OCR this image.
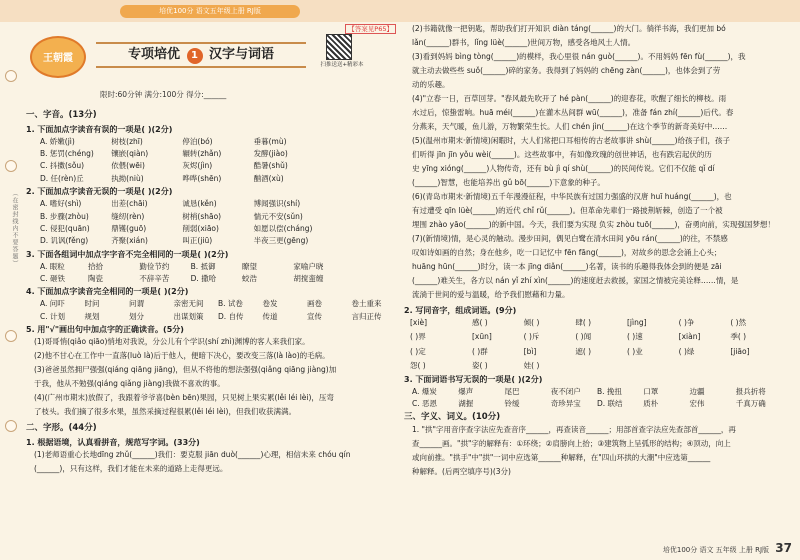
培优100分 语文五年级上册 RJ版
（在密封线内不要答题）
【答案见P65】
王朝霞	专项培优 1 汉字与词语
扫推送送+精彩本
限时:60分钟 满分:100分 得分:______
一、字音。(13分)
1. 下面加点字读音有误的一项是( )(2分)
A. 娇嫩(jì)	树枝(zhī)	停泊(bó)	垂暮(mù)
B. 惩罚(chéng)	镶嵌(qiàn)	辗转(zhǎn)	发酵(jiào)
C. 抖擞(sǒu)	依偎(wēi)	灰烬(jìn)	酷暑(shǔ)
D. 任(rèn)丘	执拗(niù)	哗哗(shēn)	酗酒(xù)
2. 下面加点字读音无误的一项是( )(2分)
A. 嗜好(shì)	出差(chāi)	诚恳(kěn)	博闻强识(shí)
B. 步骤(zhòu)	缝纫(rèn)	树梢(shāo)	惴元不安(sǔn)
C. 侵犯(quān)	鼎镬(guō)	削弱(xiāo)	如愿以偿(cháng)
D. 讥讽(fěng)	齐聚(xián)	叫正(jiū)	半夜三更(gēng)
3. 下面各组词中加点字字音不完全相同的一项是( )(2分)
A. 眼粒	拾拾	勤俭节约	B. 抵御	瞭望	家喻户晓
C. 砸铁	陶瓷	不辞辛苦	D. 撒哈	蛟浩	胡搅蛮缠
4. 下面加点字读音完全相同的一项是( )(2分)
A. 问吓	时问	问谓	亲密无间	B. 试卷	卷发	画卷	卷土重来
C. 计划	规划	划分	出谋划策	D. 自传	传道	宣传	言归正传
5. 用"√"画出句中加点字的正确读音。(5分)
(1)哥哥悄(qiǎo qiāo)悄地对我说，分公儿有个学识(shí zhì)渊博的客人来我们家。
(2)他不甘心在工作中一直落(luò là)后于他人，便暗下决心，要改变三落(là lào)的毛病。
(3)爸爸虽然拥尸强强(qiáng qiāng jiāng)，但从不将他的想法强强(qiǎng qiāng jiàng)加
于我，他从不勉强(qiáng qiǎng jiàng)我做不喜欢的事。
(4)(广州市期末)放假了，我跟着爷爷喜(bèn bēn)果园，只见树上果实累(lěi léi lèi)，压弯
了枝头。我们摘了很多水果，虽然采摘过程很累(lěi léi lèi)，但我们收获满满。
二、字形。(44分)
1. 根据语境，认真看拼音，规范写字词。(33分)
(1)老师语重心长地dīng zhǔ(______)我们：要克服 jiān duò(______)心理，相信未来 chóu qín
(______)，只有这样，我们才能在未来的道路上走得更远。
(2)书籍就像一把钥匙，帮助我们打开知识 diàn táng(______)的大门。徜徉书海，我们更加 bó
lǎn(______)群书，lǐng lüè(______)世间万物，感受各地风土人情。
(3)看到妈妈 bìng tòng(______)的模样，我心里很 nán guò(______)。不用妈妈 fēn fù(______)，我
就主动去做些些 suǒ(______)碎的家务。我得到了妈妈的 chēng zàn(______)，也体会到了劳
动的乐趣。
(4)"立春一日，百草回芽。"春风最先吹开了 hé pàn(______)的迎春花，吹醒了细长的柳枝。雨
水过后，惊蛰雷响。huā méi(______)在灌木丛间群 wū(______)，准备 fán zhí(______)后代。春
分燕来，天气暖，鱼儿游，万物繁荣生长。人们 chén jìn(______)在这个季节的新奇美好中……
(5)(温州市期末·新情境)闲暇时，大人们常把口耳相传的古老故事讲 shù(______)给孩子们，孩子
们听得 jīn jīn yǒu wèi(______)。这些故事中，有如像玫瑰的创世神话，也有跌宕起伏的历
史 yīng xióng(______)人物传奇，还有 bù jì qí shù(______)的民间传说。它们不仅能 qǐ dí
(______)智慧，也能培养出 gǔ bō(______)下意象的种子。
(6)(青岛市期末·新情境)五千年漫漫征程，中华民族有过国力强盛的汉唐 huī huáng(______)，也
有过遭受 qīn lüè(______)的近代 chǐ rǔ(______)。但革命先辈们一路披荆斩棘，创造了一个被
埋围 zhào yāo(______)的新中国。今天，我们要为实现 负实 zhòu tuō(______)，奋勇向前，实现强国梦想！
(7)(新情境)情，是心灵的触动。漫步田间，偶见白鹭在清水田间 yōu rán(______)的往，不禁感
叹如诗如画的自然；身在他乡，吃一口记忆中 fēn fāng(______)，对故乡的思念会涌上心头；
huāng hūn(______)时分，读一本 jīng diǎn(______)名著，读书的乐趣得我体会到的便是 zāi
(______)难关生，各方以 nán yǐ zhí xìn(______)的速度赶去救援，家国之情被完美诠释……情，是
流淌于世间的爱与温暖，给予我们慰藉和力量。
2. 写同音字，组成词语。(9分)
[xiè]	感( )	倾( )	肆( )	[jìng]	( )争	( )然
( )界	[xūn]	( )斥	( )闻	( )速	[xiàn]	季( )
( )定	( )群	[bì]	遮( )	( )业	( )绿	[jiāo]
怨( )	姿( )	娃( )
3. 下面词语书写无误的一项是( )(2分)
A. 爆炭	爆声	尾巴	夜不闭户	B. 挽扭	口罩	边疆	报兵折将
C. 恶恩	湖握	铃缓	奇珍异宝	D. 联结	质朴	宏伟	千真万确
三、字义、词义。(10分)
1. "拱"字用音序查字法应先查音序______，再查读音______；用部首查字法应先查部首______，再
查______画。"拱"字的解释有：①环绕；②肩膀向上抬；③建筑物上呈弧形的结构；④顶动，向上
或向前推。"拱手"中"拱"一词中应选第______种解释，在"四山环拱的大潮"中应选第______
种解释。(后两空填序号)(3分)
培优100分 语文 五年级 上册 RJ版 37
